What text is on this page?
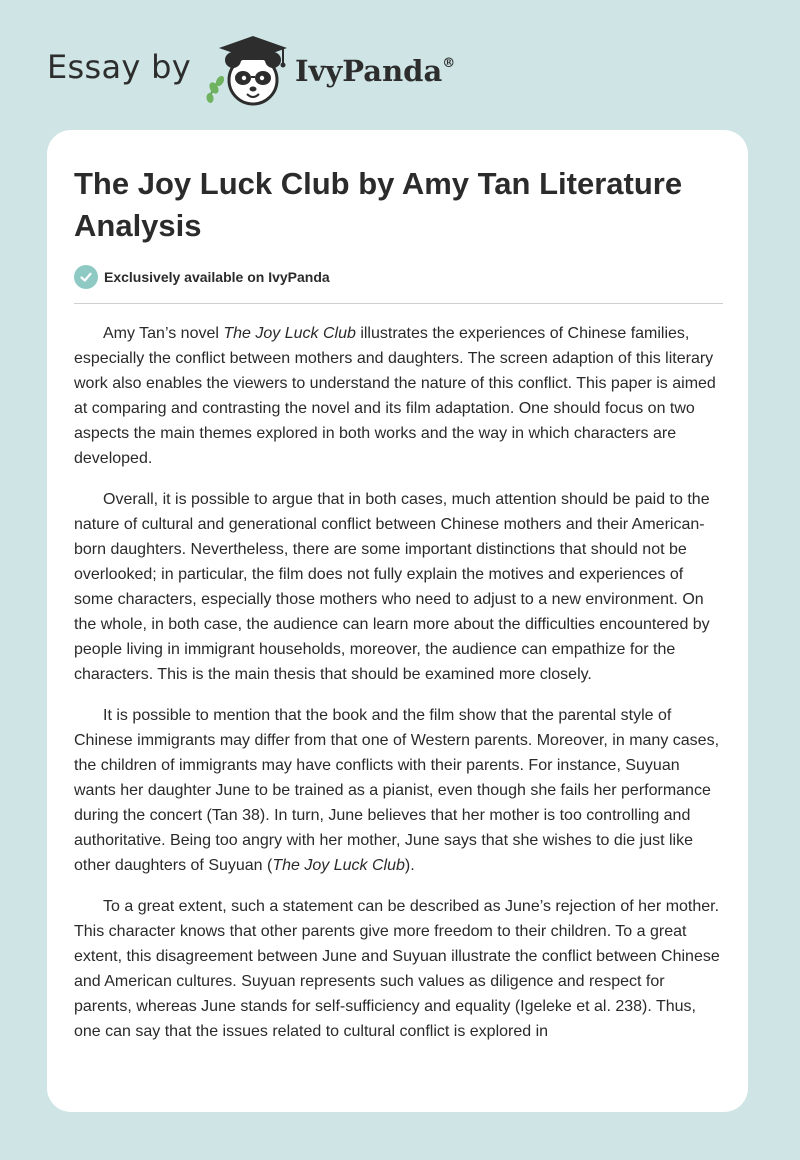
Essay by	IvyPanda®
The Joy Luck Club by Amy Tan Literature Analysis
Exclusively available on IvyPanda

Amy Tan’s novel The Joy Luck Club illustrates the experiences of Chinese families, especially the conflict between mothers and daughters. The screen adaption of this literary work also enables the viewers to understand the nature of this conflict. This paper is aimed at comparing and contrasting the novel and its film adaptation. One should focus on two aspects the main themes explored in both works and the way in which characters are developed.

Overall, it is possible to argue that in both cases, much attention should be paid to the nature of cultural and generational conflict between Chinese mothers and their American-born daughters. Nevertheless, there are some important distinctions that should not be overlooked; in particular, the film does not fully explain the motives and experiences of some characters, especially those mothers who need to adjust to a new environment. On the whole, in both case, the audience can learn more about the difficulties encountered by people living in immigrant households, moreover, the audience can empathize for the characters. This is the main thesis that should be examined more closely.

It is possible to mention that the book and the film show that the parental style of Chinese immigrants may differ from that one of Western parents. Moreover, in many cases, the children of immigrants may have conflicts with their parents. For instance, Suyuan wants her daughter June to be trained as a pianist, even though she fails her performance during the concert (Tan 38). In turn, June believes that her mother is too controlling and authoritative. Being too angry with her mother, June says that she wishes to die just like other daughters of Suyuan (The Joy Luck Club).

To a great extent, such a statement can be described as June’s rejection of her mother. This character knows that other parents give more freedom to their children. To a great extent, this disagreement between June and Suyuan illustrate the conflict between Chinese and American cultures. Suyuan represents such values as diligence and respect for parents, whereas June stands for self-sufficiency and equality (Igeleke et al. 238). Thus, one can say that the issues related to cultural conflict is explored in
